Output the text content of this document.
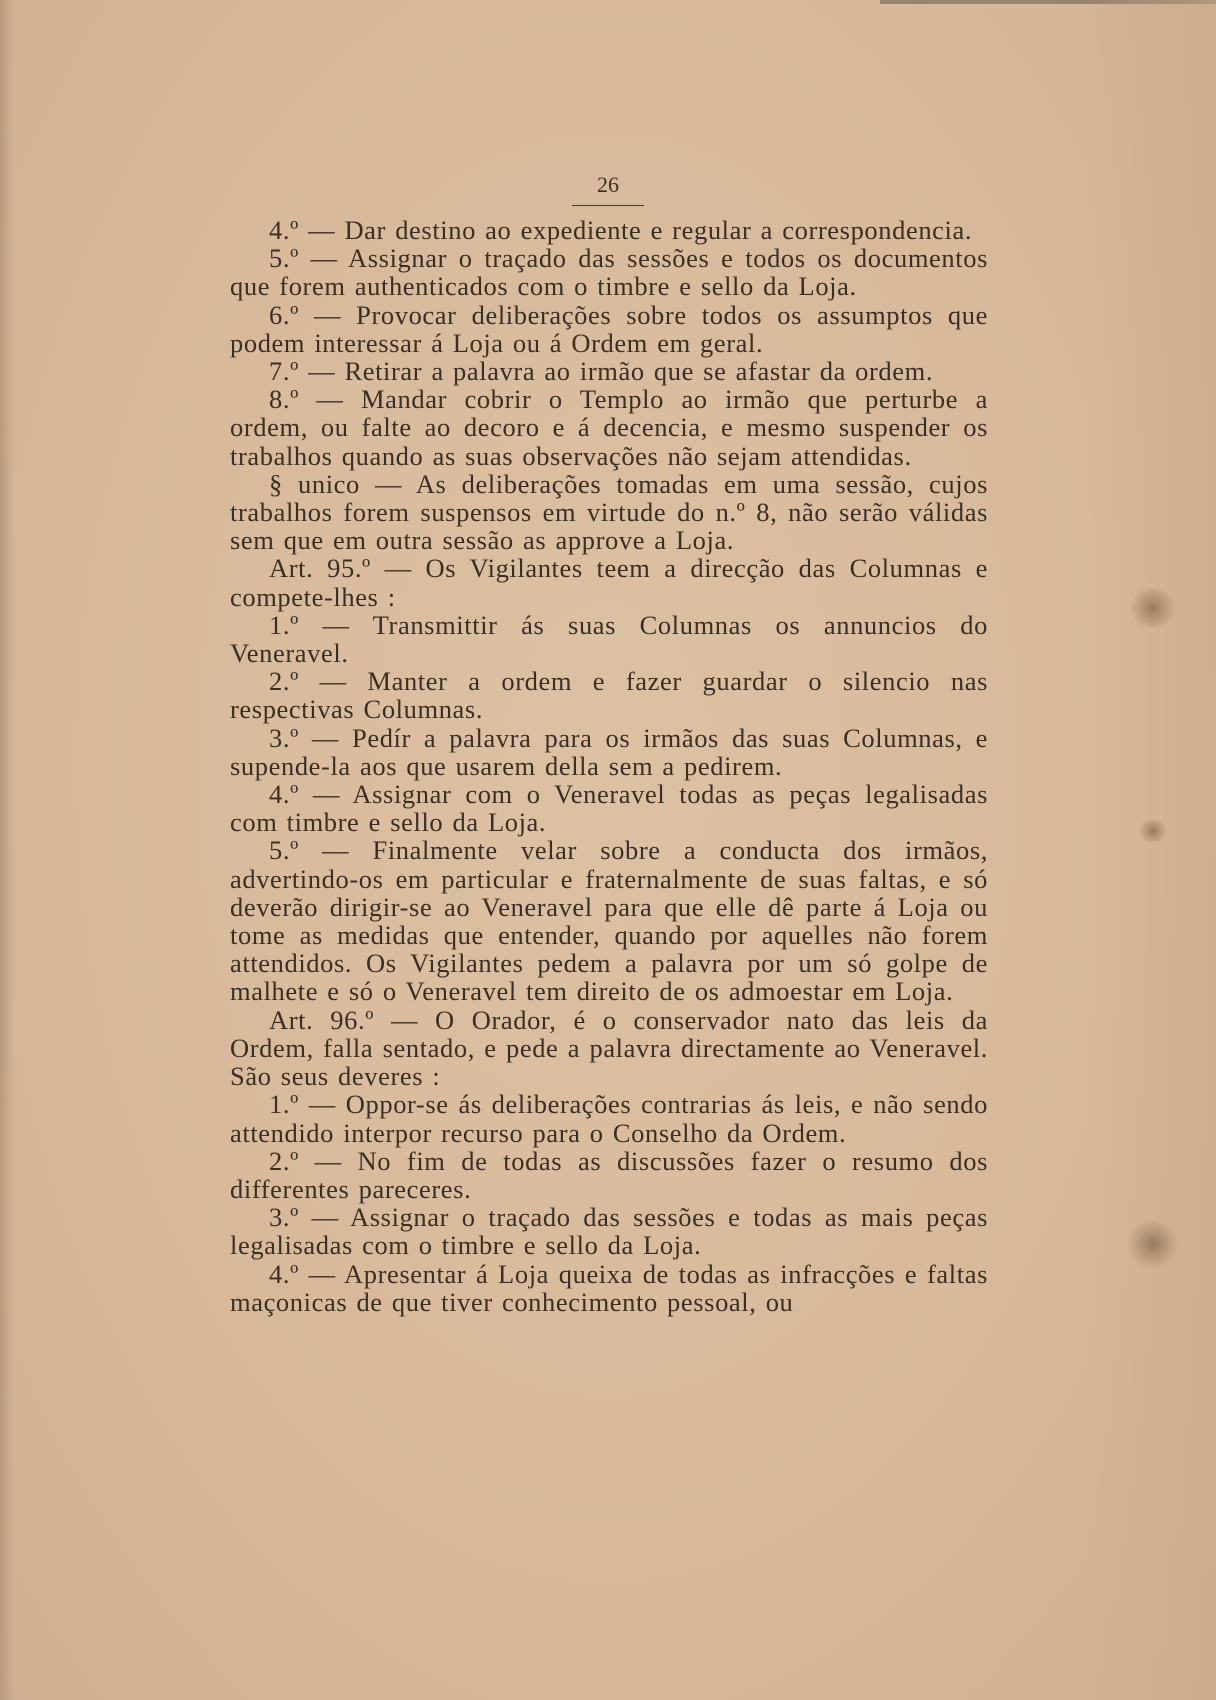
26

4.º — Dar destino ao expediente e regular a correspondencia.

5.º — Assignar o traçado das sessões e todos os documentos que forem authenticados com o timbre e sello da Loja.

6.º — Provocar deliberações sobre todos os assumptos que podem interessar á Loja ou á Ordem em geral.

7.º — Retirar a palavra ao irmão que se afastar da ordem.

8.º — Mandar cobrir o Templo ao irmão que perturbe a ordem, ou falte ao decoro e á decencia, e mesmo suspender os trabalhos quando as suas observações não sejam attendidas.

§ unico — As deliberações tomadas em uma sessão, cujos trabalhos forem suspensos em virtude do n.º 8, não serão válidas sem que em outra sessão as approve a Loja.

Art. 95.º — Os Vigilantes teem a direcção das Columnas e compete-lhes :

1.º — Transmittir ás suas Columnas os annuncios do Veneravel.

2.º — Manter a ordem e fazer guardar o silencio nas respectivas Columnas.

3.º — Pedír a palavra para os irmãos das suas Columnas, e supende-la aos que usarem della sem a pedirem.

4.º — Assignar com o Veneravel todas as peças legalisadas com timbre e sello da Loja.

5.º — Finalmente velar sobre a conducta dos irmãos, advertindo-os em particular e fraternalmente de suas faltas, e só deverão dirigir-se ao Veneravel para que elle dê parte á Loja ou tome as medidas que entender, quando por aquelles não forem attendidos. Os Vigilantes pedem a palavra por um só golpe de malhete e só o Veneravel tem direito de os admoestar em Loja.

Art. 96.º — O Orador, é o conservador nato das leis da Ordem, falla sentado, e pede a palavra directamente ao Veneravel. São seus deveres :

1.º — Oppor-se ás deliberações contrarias ás leis, e não sendo attendido interpor recurso para o Conselho da Ordem.

2.º — No fim de todas as discussões fazer o resumo dos differentes pareceres.

3.º — Assignar o traçado das sessões e todas as mais peças legalisadas com o timbre e sello da Loja.

4.º — Apresentar á Loja queixa de todas as infracções e faltas maçonicas de que tiver conhecimento pessoal, ou
